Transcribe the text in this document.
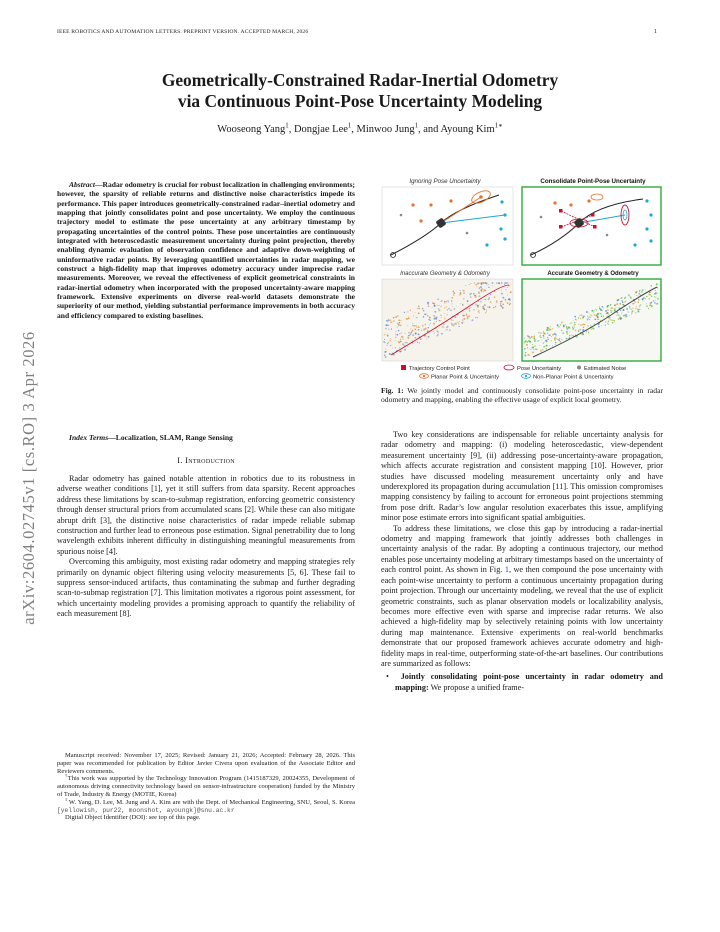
IEEE ROBOTICS AND AUTOMATION LETTERS. PREPRINT VERSION. ACCEPTED MARCH, 2026	1
arXiv:2604.02745v1 [cs.RO] 3 Apr 2026
Geometrically-Constrained Radar-Inertial Odometry
via Continuous Point-Pose Uncertainty Modeling
Wooseong Yang$^1$, Dongjae Lee$^1$, Minwoo Jung$^1$, and Ayoung Kim$^{1∗}$

Abstract—Radar odometry is crucial for robust localization in challenging environments; however, the sparsity of reliable returns and distinctive noise characteristics impede its performance. This paper introduces geometrically-constrained radar–inertial odometry and mapping that jointly consolidates point and pose uncertainty. We employ the continuous trajectory model to estimate the pose uncertainty at any arbitrary timestamp by propagating uncertainties of the control points. These pose uncertainties are continuously integrated with heteroscedastic measurement uncertainty during point projection, thereby enabling dynamic evaluation of observation confidence and adaptive down-weighting of uninformative radar points. By leveraging quantified uncertainties in radar mapping, we construct a high-fidelity map that improves odometry accuracy under imprecise radar measurements. Moreover, we reveal the effectiveness of explicit geometrical constraints in radar-inertial odometry when incorporated with the proposed uncertainty-aware mapping framework. Extensive experiments on diverse real-world datasets demonstrate the superiority of our method, yielding substantial performance improvements in both accuracy and efficiency compared to existing baselines.

Index Terms—Localization, SLAM, Range Sensing

I. Introduction

Radar odometry has gained notable attention in robotics due to its robustness in adverse weather conditions [1], yet it still suffers from data sparsity. Recent approaches address these limitations by scan-to-submap registration, enforcing geometric consistency through denser structural priors from accumulated scans [2]. While these can also mitigate abrupt drift [3], the distinctive noise characteristics of radar impede reliable submap construction and further lead to erroneous pose estimation. Signal penetrability due to long wavelength exhibits inherent difficulty in distinguishing meaningful measurements from spurious noise [4].

Overcoming this ambiguity, most existing radar odometry and mapping strategies rely primarily on dynamic object filtering using velocity measurements [5, 6]. These fail to suppress sensor-induced artifacts, thus contaminating the submap and further degrading scan-to-submap registration [7]. This limitation motivates a rigorous point assessment, for which uncertainty modeling provides a promising approach to quantify the reliability of each measurement [8].

Manuscript received: November 17, 2025; Revised: January 21, 2026; Accepted: February 28, 2026. This paper was recommended for publication by Editor Javier Civera upon evaluation of the Associate Editor and Reviewers comments.

†This work was supported by the Technology Innovation Program (1415187329, 20024355, Development of autonomous driving connectivity technology based on sensor-infrastructure cooperation) funded by the Ministry of Trade, Industry & Energy (MOTIE, Korea)

$^1$ W. Yang, D. Lee, M. Jung and A. Kim are with the Dept. of Mechanical Engineering, SNU, Seoul, S. Korea [yellowish, pur22, moonshot, ayoungk]@snu.ac.kr

Digital Object Identifier (DOI): see top of this page.

Ignoring Pose Uncertainty	Consolidate Point-Pose Uncertainty
Inaccurate Geometry & Odometry	Accurate Geometry & Odometry
Trajectory Control Point	Pose Uncertainty	Estimated Noise
Planar Point & Uncertainty	Non-Planar Point & Uncertainty
Fig. 1: We jointly model and continuously consolidate point-pose uncertainty in radar odometry and mapping, enabling the effective usage of explicit local geometry.

Two key considerations are indispensable for reliable uncertainty analysis for radar odometry and mapping: (i) modeling heteroscedastic, view-dependent measurement uncertainty [9], (ii) addressing pose-uncertainty-aware propagation, which affects accurate registration and consistent mapping [10]. However, prior studies have discussed modeling measurement uncertainty only and have underexplored its propagation during accumulation [11]. This omission compromises mapping consistency by failing to account for erroneous point projections stemming from pose drift. Radar’s low angular resolution exacerbates this issue, amplifying minor pose estimate errors into significant spatial ambiguities.

To address these limitations, we close this gap by introducing a radar-inertial odometry and mapping framework that jointly addresses both challenges in uncertainty analysis of the radar. By adopting a continuous trajectory, our method enables pose uncertainty modeling at arbitrary timestamps based on the uncertainty of each control point. As shown in Fig. 1, we then compound the pose uncertainty with each point-wise uncertainty to perform a continuous uncertainty propagation during point projection. Through our uncertainty modeling, we reveal that the use of explicit geometric constraints, such as planar observation models or localizability analysis, becomes more effective even with sparse and imprecise radar returns. We also achieved a high-fidelity map by selectively retaining points with low uncertainty during map maintenance. Extensive experiments on real-world benchmarks demonstrate that our proposed framework achieves accurate odometry and high-fidelity maps in real-time, outperforming state-of-the-art baselines. Our contributions are summarized as follows:

•  Jointly consolidating point-pose uncertainty in radar odometry and mapping: We propose a unified frame-
